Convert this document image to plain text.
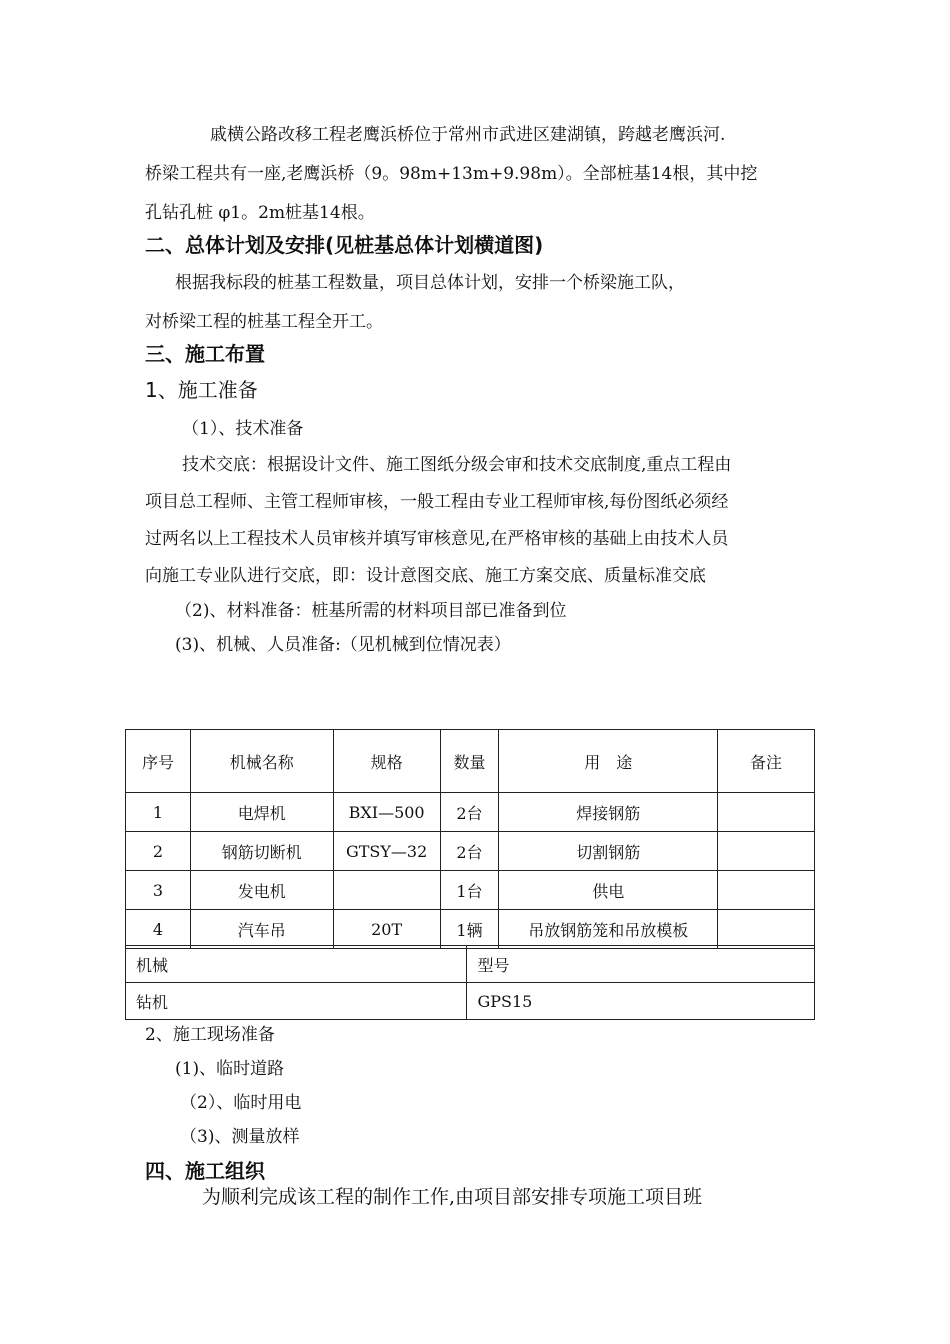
戚横公路改移工程老鹰浜桥位于常州市武进区建湖镇，跨越老鹰浜河.
桥梁工程共有一座,老鹰浜桥（9。98m+13m+9.98m）。全部桩基14根，其中挖
孔钻孔桩 φ1。2m桩基14根。
二、总体计划及安排(见桩基总体计划横道图)
根据我标段的桩基工程数量，项目总体计划，安排一个桥梁施工队，
对桥梁工程的桩基工程全开工。
三、施工布置
1、施工准备
（1）、技术准备
技术交底：根据设计文件、施工图纸分级会审和技术交底制度,重点工程由
项目总工程师、主管工程师审核，一般工程由专业工程师审核,每份图纸必须经
过两名以上工程技术人员审核并填写审核意见,在严格审核的基础上由技术人员
向施工专业队进行交底，即：设计意图交底、施工方案交底、质量标准交底
（2)、材料准备：桩基所需的材料项目部已准备到位
(3)、机械、人员准备:（见机械到位情况表）
序号	机械名称	规格	数量	用　途	备注
1	电焊机	BXI—500	2台	焊接钢筋	
2	钢筋切断机	GTSY—32	2台	切割钢筋	
3	发电机		1台	供电	
4	汽车吊	20T	1辆	吊放钢筋笼和吊放模板	
机械	型号
钻机	GPS15
2、施工现场准备
(1)、临时道路
（2）、临时用电
（3)、测量放样
四、施工组织
为顺利完成该工程的制作工作,由项目部安排专项施工项目班
